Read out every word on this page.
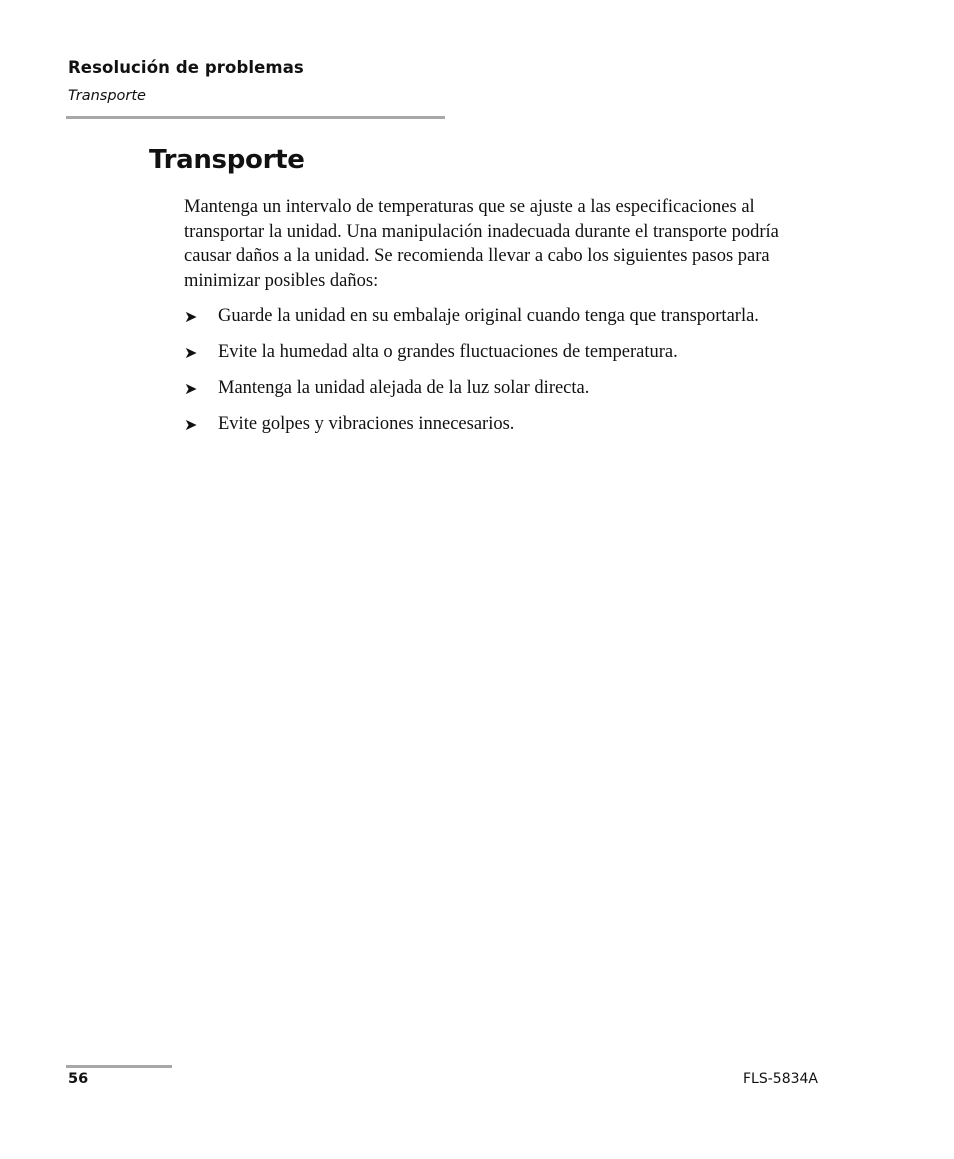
Resolución de problemas
Transporte
Transporte

Mantenga un intervalo de temperaturas que se ajuste a las especificaciones al transportar la unidad. Una manipulación inadecuada durante el transporte podría causar daños a la unidad. Se recomienda llevar a cabo los siguientes pasos para minimizar posibles daños:

➤ Guarde la unidad en su embalaje original cuando tenga que transportarla.
➤ Evite la humedad alta o grandes fluctuaciones de temperatura.
➤ Mantenga la unidad alejada de la luz solar directa.
➤ Evite golpes y vibraciones innecesarios.
56	FLS-5834A
